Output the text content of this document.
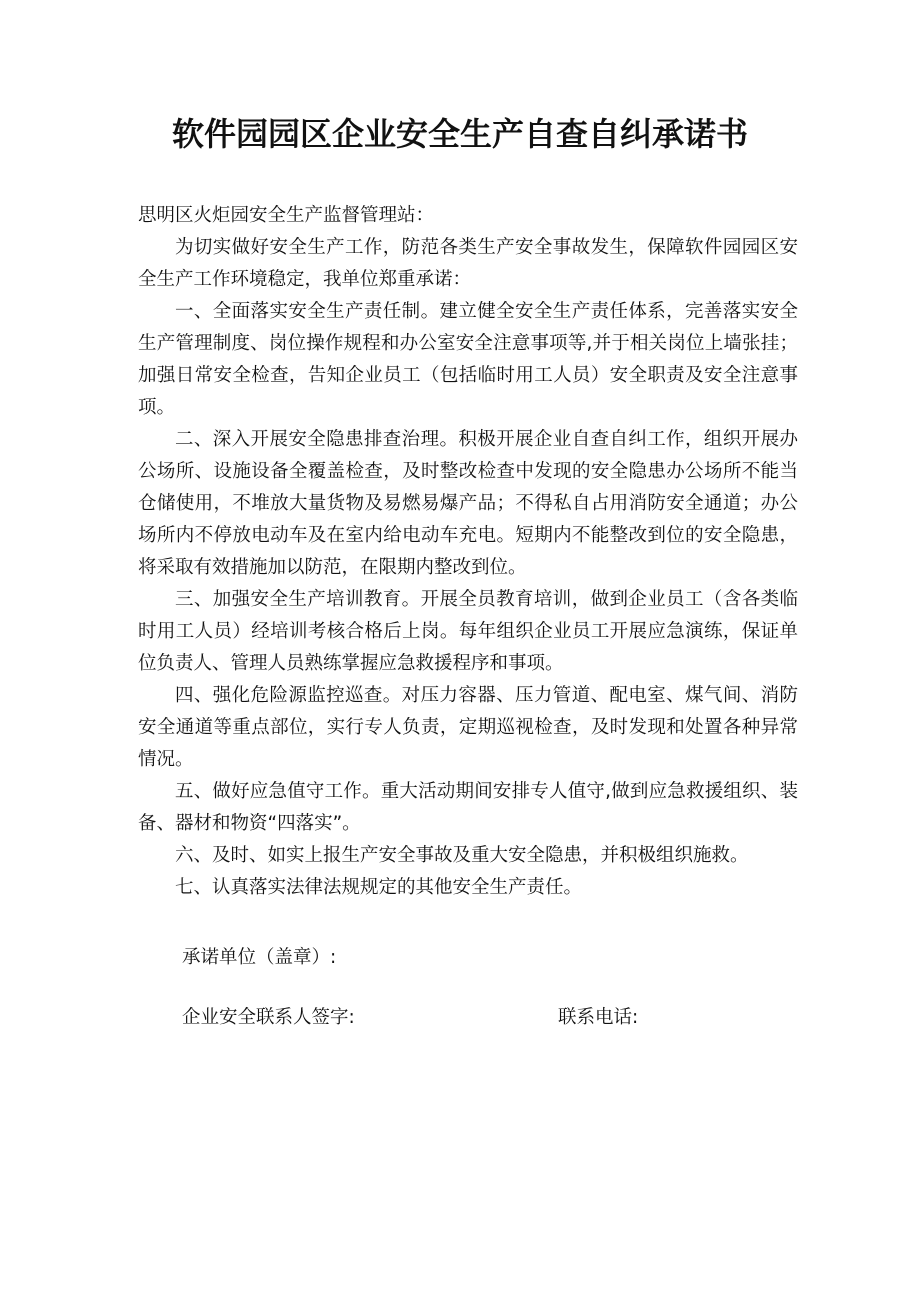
软件园园区企业安全生产自查自纠承诺书

思明区火炬园安全生产监督管理站：

为切实做好安全生产工作，防范各类生产安全事故发生，保障软件园园区安全生产工作环境稳定，我单位郑重承诺：

一、全面落实安全生产责任制。建立健全安全生产责任体系，完善落实安全生产管理制度、岗位操作规程和办公室安全注意事项等,并于相关岗位上墙张挂；加强日常安全检查，告知企业员工（包括临时用工人员）安全职责及安全注意事项。

二、深入开展安全隐患排查治理。积极开展企业自查自纠工作，组织开展办公场所、设施设备全覆盖检查，及时整改检查中发现的安全隐患办公场所不能当仓储使用，不堆放大量货物及易燃易爆产品；不得私自占用消防安全通道；办公场所内不停放电动车及在室内给电动车充电。短期内不能整改到位的安全隐患，将采取有效措施加以防范，在限期内整改到位。

三、加强安全生产培训教育。开展全员教育培训，做到企业员工（含各类临时用工人员）经培训考核合格后上岗。每年组织企业员工开展应急演练，保证单位负责人、管理人员熟练掌握应急救援程序和事项。

四、强化危险源监控巡查。对压力容器、压力管道、配电室、煤气间、消防安全通道等重点部位，实行专人负责，定期巡视检查，及时发现和处置各种异常情况。

五、做好应急值守工作。重大活动期间安排专人值守,做到应急救援组织、装备、器材和物资“四落实”。

六、及时、如实上报生产安全事故及重大安全隐患，并积极组织施救。

七、认真落实法律法规规定的其他安全生产责任。

承诺单位（盖章）:
企业安全联系人签字:	联系电话:
